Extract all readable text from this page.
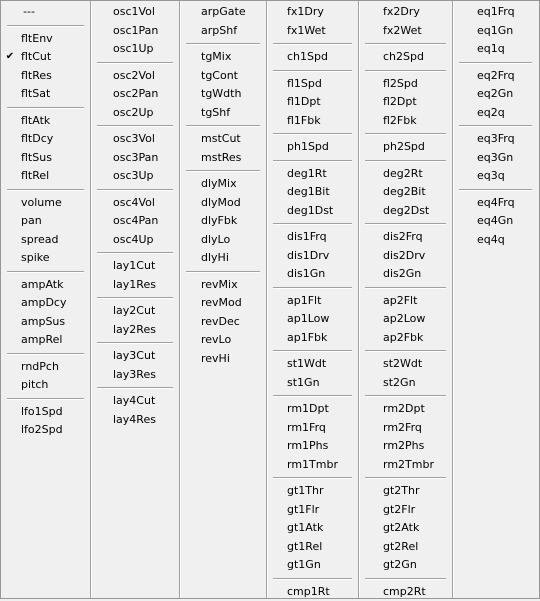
---
fltEnv
✔ fltCut
fltRes
fltSat
fltAtk
fltDcy
fltSus
fltRel
volume
pan
spread
spike
ampAtk
ampDcy
ampSus
ampRel
rndPch
pitch
lfo1Spd
lfo2Spd
osc1Vol
osc1Pan
osc1Up
osc2Vol
osc2Pan
osc2Up
osc3Vol
osc3Pan
osc3Up
osc4Vol
osc4Pan
osc4Up
lay1Cut
lay1Res
lay2Cut
lay2Res
lay3Cut
lay3Res
lay4Cut
lay4Res
arpGate
arpShf
tgMix
tgCont
tgWdth
tgShf
mstCut
mstRes
dlyMix
dlyMod
dlyFbk
dlyLo
dlyHi
revMix
revMod
revDec
revLo
revHi
fx1Dry
fx1Wet
ch1Spd
fl1Spd
fl1Dpt
fl1Fbk
ph1Spd
deg1Rt
deg1Bit
deg1Dst
dis1Frq
dis1Drv
dis1Gn
ap1Flt
ap1Low
ap1Fbk
st1Wdt
st1Gn
rm1Dpt
rm1Frq
rm1Phs
rm1Tmbr
gt1Thr
gt1Flr
gt1Atk
gt1Rel
gt1Gn
cmp1Rt
fx2Dry
fx2Wet
ch2Spd
fl2Spd
fl2Dpt
fl2Fbk
ph2Spd
deg2Rt
deg2Bit
deg2Dst
dis2Frq
dis2Drv
dis2Gn
ap2Flt
ap2Low
ap2Fbk
st2Wdt
st2Gn
rm2Dpt
rm2Frq
rm2Phs
rm2Tmbr
gt2Thr
gt2Flr
gt2Atk
gt2Rel
gt2Gn
cmp2Rt
eq1Frq
eq1Gn
eq1q
eq2Frq
eq2Gn
eq2q
eq3Frq
eq3Gn
eq3q
eq4Frq
eq4Gn
eq4q
